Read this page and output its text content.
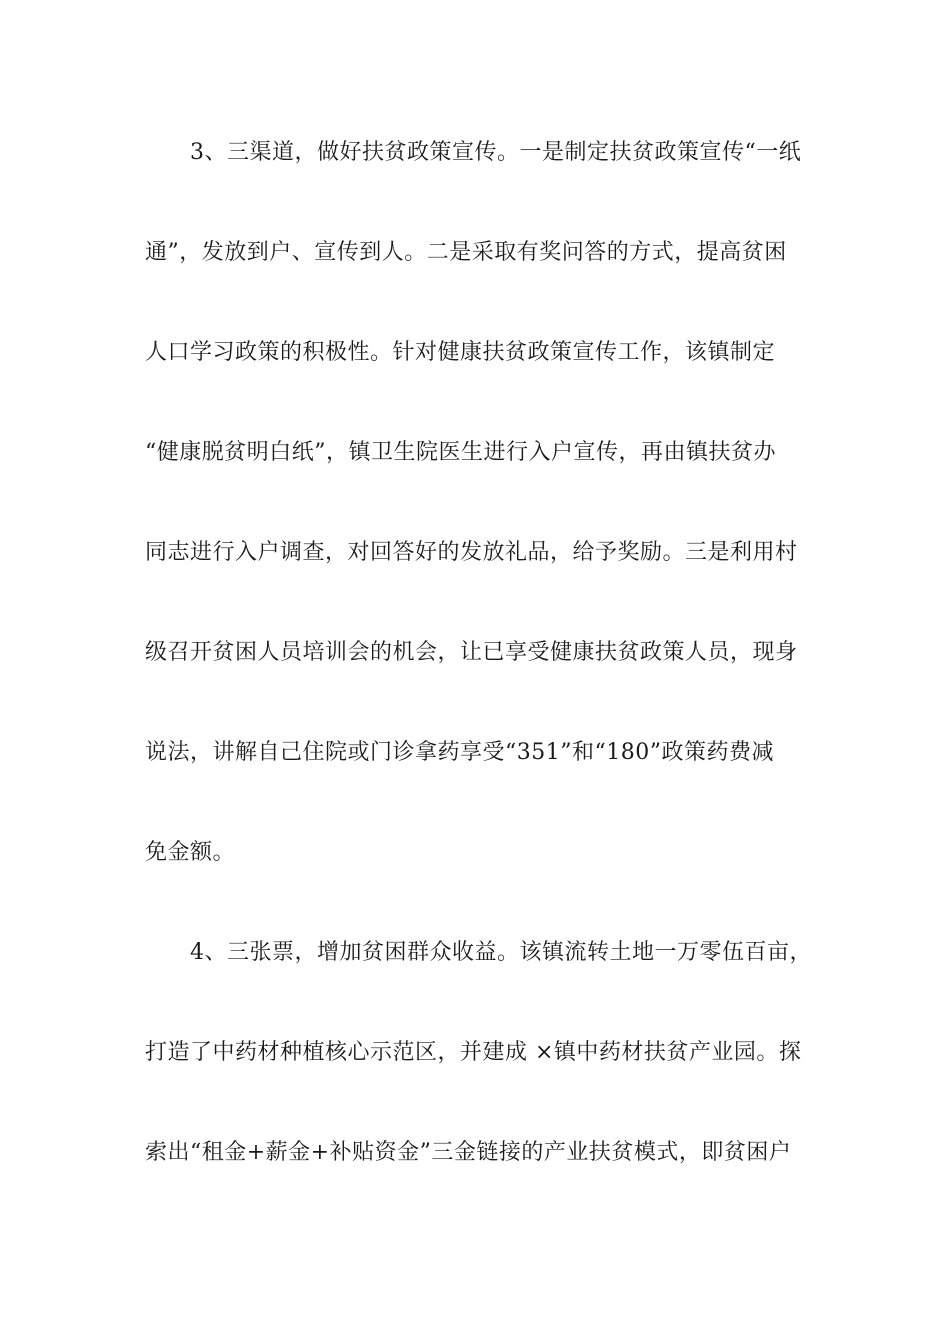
3、三渠道，做好扶贫政策宣传。一是制定扶贫政策宣传“一纸
通”，发放到户、宣传到人。二是采取有奖问答的方式，提高贫困
人口学习政策的积极性。针对健康扶贫政策宣传工作，该镇制定
“健康脱贫明白纸”，镇卫生院医生进行入户宣传，再由镇扶贫办
同志进行入户调查，对回答好的发放礼品，给予奖励。三是利用村
级召开贫困人员培训会的机会，让已享受健康扶贫政策人员，现身
说法，讲解自己住院或门诊拿药享受“351”和“180”政策药费减
免金额。
4、三张票，增加贫困群众收益。该镇流转土地一万零伍百亩，
打造了中药材种植核心示范区，并建成 ×镇中药材扶贫产业园。探
索出“租金+薪金+补贴资金”三金链接的产业扶贫模式，即贫困户
